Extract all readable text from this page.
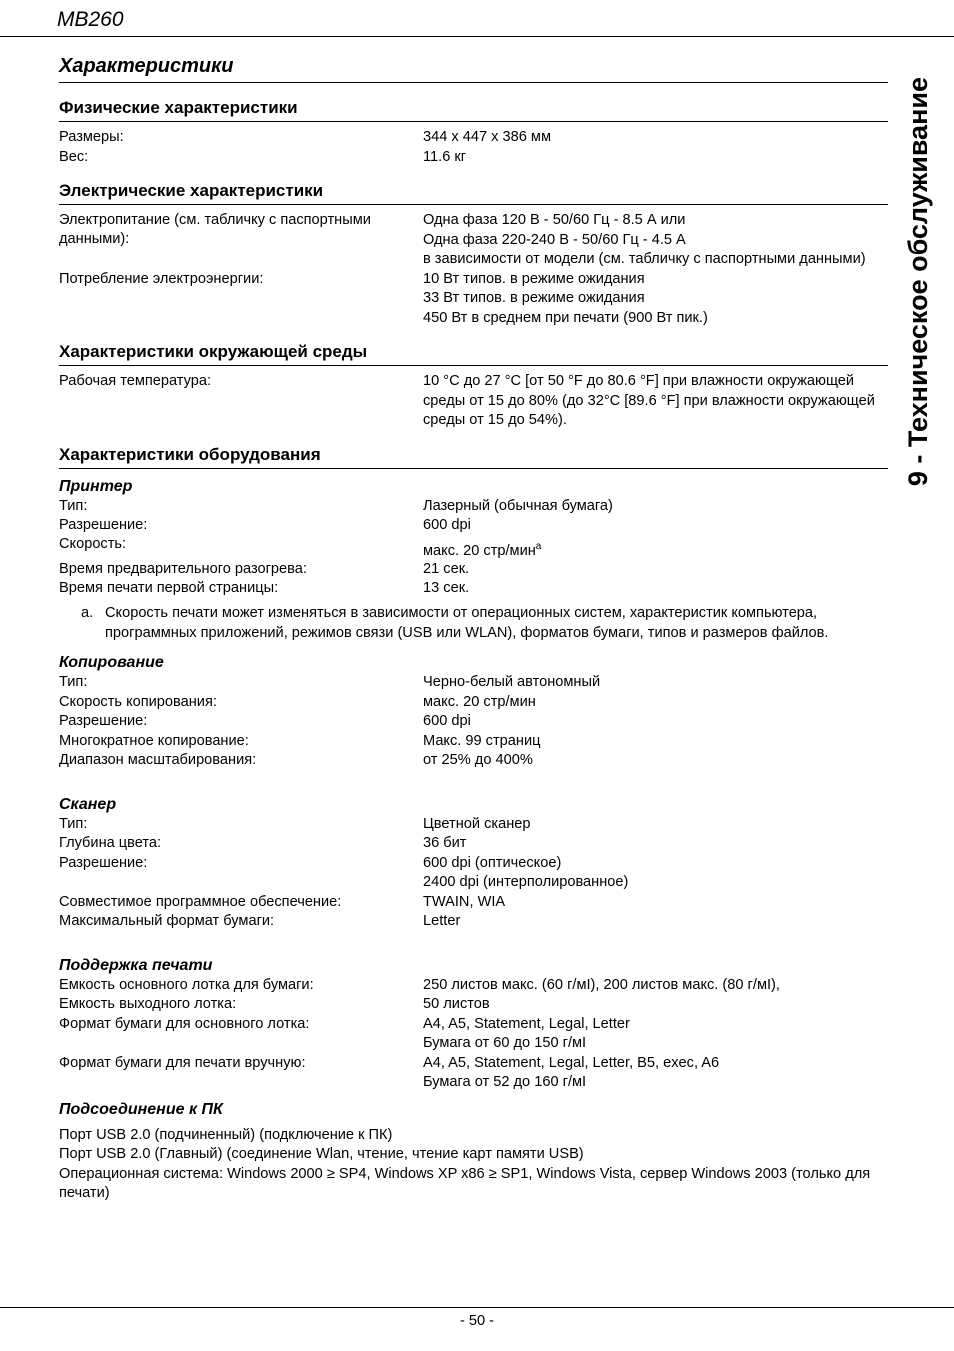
MB260
9 - Техническое обслуживание
Характеристики
Физические характеристики
Размеры:	344 x 447 x 386 мм
Вес:	11.6 кг
Электрические характеристики
Электропитание (см. табличку с паспортными данными):
Одна фаза 120 В - 50/60 Гц - 8.5 А или
Одна фаза 220-240 В - 50/60 Гц - 4.5 А
в зависимости от модели (см. табличку с паспортными данными)
Потребление электроэнергии:	10 Вт типов. в режиме ожидания
33 Вт типов. в режиме ожидания
450 Вт в среднем при печати (900 Вт пик.)
Характеристики окружающей среды
Рабочая температура:	10 °C до 27 °C [от 50 °F до 80.6 °F] при влажности окружающей среды от 15 до 80% (до 32°C [89.6 °F] при влажности окружающей среды от 15 до 54%).
Характеристики оборудования
Принтер
Тип:	Лазерный (обычная бумага)
Разрешение:	600 dpi
Скорость:	макс. 20 стр/мин$^a$
Время предварительного разогрева:	21 сек.
Время печати первой страницы:	13 сек.
a. Скорость печати может изменяться в зависимости от операционных систем, характеристик компьютера, программных приложений, режимов связи (USB или WLAN), форматов бумаги, типов и размеров файлов.
Копирование
Тип:	Черно-белый автономный
Скорость копирования:	макс. 20 стр/мин
Разрешение:	600 dpi
Многократное копирование:	Макс. 99 страниц
Диапазон масштабирования:	от 25% до 400%
Сканер
Тип:	Цветной сканер
Глубина цвета:	36 бит
Разрешение:	600 dpi (оптическое)
2400 dpi (интерполированное)
Совместимое программное обеспечение:	TWAIN, WIA
Максимальный формат бумаги:	Letter
Поддержка печати
Емкость основного лотка для бумаги:	250 листов макс. (60 г/мI), 200 листов макс. (80 г/мI),
Емкость выходного лотка:	50 листов
Формат бумаги для основного лотка:	A4, A5, Statement, Legal, Letter
Бумага от 60 до 150 г/мI
Формат бумаги для печати вручную:	A4, A5, Statement, Legal, Letter, B5, exec, A6
Бумага от 52 до 160 г/мI
Подсоединение к ПК
Порт USB 2.0 (подчиненный) (подключение к ПК)
Порт USB 2.0 (Главный) (соединение Wlan, чтение, чтение карт памяти USB)
Операционная система: Windows 2000 ≥ SP4, Windows XP x86 ≥ SP1, Windows Vista, сервер Windows 2003 (только для печати)
- 50 -
